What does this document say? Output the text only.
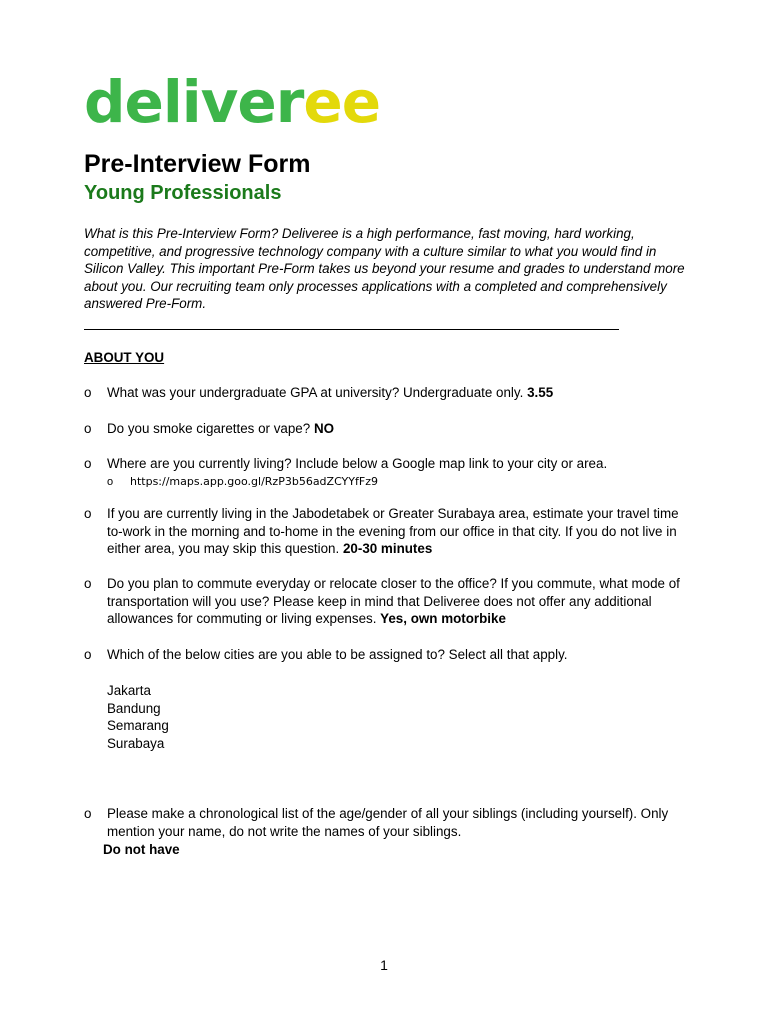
deliveree
Pre-Interview Form
Young Professionals

What is this Pre-Interview Form? Deliveree is a high performance, fast moving, hard working, competitive, and progressive technology company with a culture similar to what you would find in Silicon Valley. This important Pre-Form takes us beyond your resume and grades to understand more about you. Our recruiting team only processes applications with a completed and comprehensively answered Pre-Form.

ABOUT YOU

o What was your undergraduate GPA at university? Undergraduate only. 3.55
o Do you smoke cigarettes or vape? NO
o Where are you currently living? Include below a Google map link to your city or area.
o https://maps.app.goo.gl/RzP3b56adZCYYfFz9
o If you are currently living in the Jabodetabek or Greater Surabaya area, estimate your travel time to-work in the morning and to-home in the evening from our office in that city. If you do not live in either area, you may skip this question. 20-30 minutes
o Do you plan to commute everyday or relocate closer to the office? If you commute, what mode of transportation will you use? Please keep in mind that Deliveree does not offer any additional allowances for commuting or living expenses. Yes, own motorbike
o Which of the below cities are you able to be assigned to? Select all that apply.
Jakarta
Bandung
Semarang
Surabaya
o Please make a chronological list of the age/gender of all your siblings (including yourself). Only mention your name, do not write the names of your siblings.
Do not have
1
